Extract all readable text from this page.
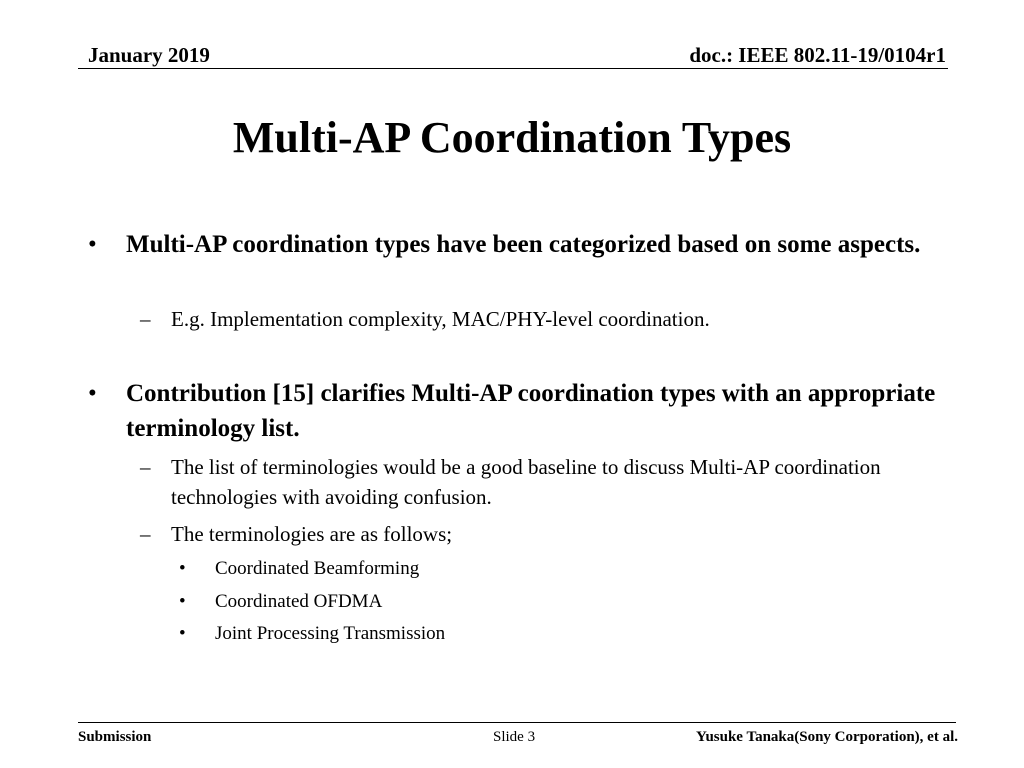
January 2019	doc.: IEEE 802.11-19/0104r1
Multi-AP Coordination Types
• Multi-AP coordination types have been categorized based on some aspects.
– E.g. Implementation complexity, MAC/PHY-level coordination.
• Contribution [15] clarifies Multi-AP coordination types with an appropriate terminology list.
– The list of terminologies would be a good baseline to discuss Multi-AP coordination technologies with avoiding confusion.
– The terminologies are as follows;
• Coordinated Beamforming
• Coordinated OFDMA
• Joint Processing Transmission
Submission	Slide 3	Yusuke Tanaka(Sony Corporation), et al.
